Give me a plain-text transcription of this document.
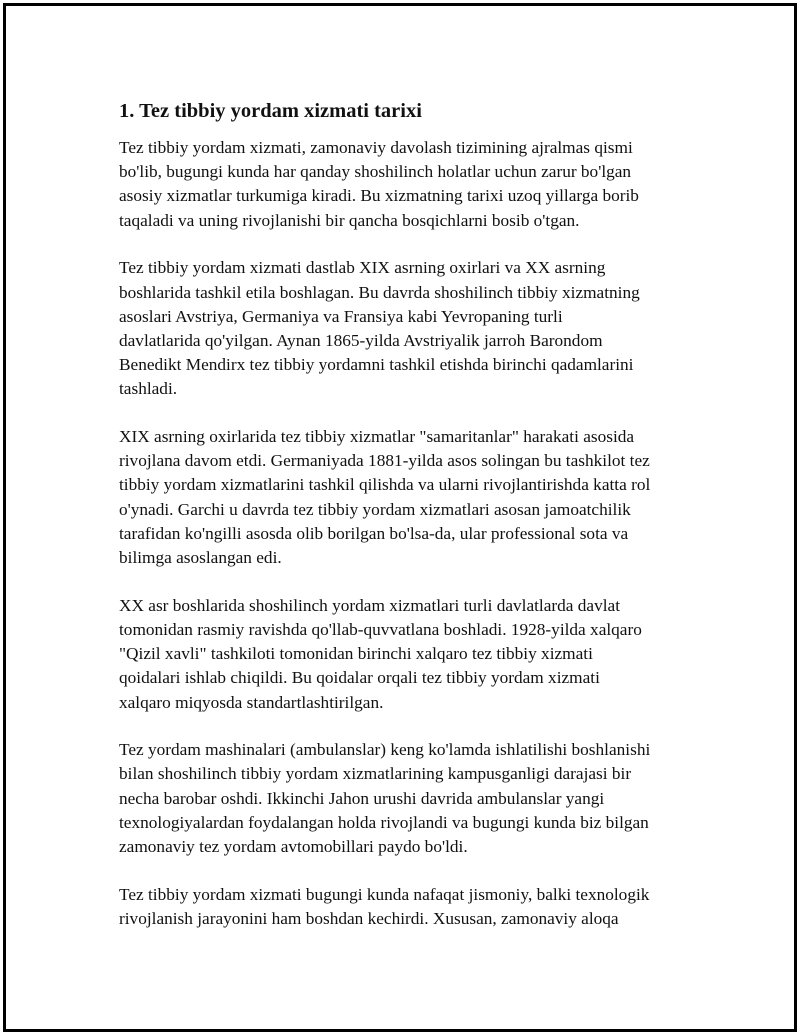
1. Tez tibbiy yordam xizmati tarixi

Tez tibbiy yordam xizmati, zamonaviy davolash tizimining ajralmas qismi
bo'lib, bugungi kunda har qanday shoshilinch holatlar uchun zarur bo'lgan
asosiy xizmatlar turkumiga kiradi. Bu xizmatning tarixi uzoq yillarga borib
taqaladi va uning rivojlanishi bir qancha bosqichlarni bosib o'tgan.

Tez tibbiy yordam xizmati dastlab XIX asrning oxirlari va XX asrning
boshlarida tashkil etila boshlagan. Bu davrda shoshilinch tibbiy xizmatning
asoslari Avstriya, Germaniya va Fransiya kabi Yevropaning turli
davlatlarida qo'yilgan. Aynan 1865-yilda Avstriyalik jarroh Barondom
Benedikt Mendirx tez tibbiy yordamni tashkil etishda birinchi qadamlarini
tashladi.

XIX asrning oxirlarida tez tibbiy xizmatlar "samaritanlar" harakati asosida
rivojlana davom etdi. Germaniyada 1881-yilda asos solingan bu tashkilot tez
tibbiy yordam xizmatlarini tashkil qilishda va ularni rivojlantirishda katta rol
o'ynadi. Garchi u davrda tez tibbiy yordam xizmatlari asosan jamoatchilik
tarafidan ko'ngilli asosda olib borilgan bo'lsa-da, ular professional sota va
bilimga asoslangan edi.

XX asr boshlarida shoshilinch yordam xizmatlari turli davlatlarda davlat
tomonidan rasmiy ravishda qo'llab-quvvatlana boshladi. 1928-yilda xalqaro
"Qizil xavli" tashkiloti tomonidan birinchi xalqaro tez tibbiy xizmati
qoidalari ishlab chiqildi. Bu qoidalar orqali tez tibbiy yordam xizmati
xalqaro miqyosda standartlashtirilgan.

Tez yordam mashinalari (ambulanslar) keng ko'lamda ishlatilishi boshlanishi
bilan shoshilinch tibbiy yordam xizmatlarining kampusganligi darajasi bir
necha barobar oshdi. Ikkinchi Jahon urushi davrida ambulanslar yangi
texnologiyalardan foydalangan holda rivojlandi va bugungi kunda biz bilgan
zamonaviy tez yordam avtomobillari paydo bo'ldi.

Tez tibbiy yordam xizmati bugungi kunda nafaqat jismoniy, balki texnologik
rivojlanish jarayonini ham boshdan kechirdi. Xususan, zamonaviy aloqa
